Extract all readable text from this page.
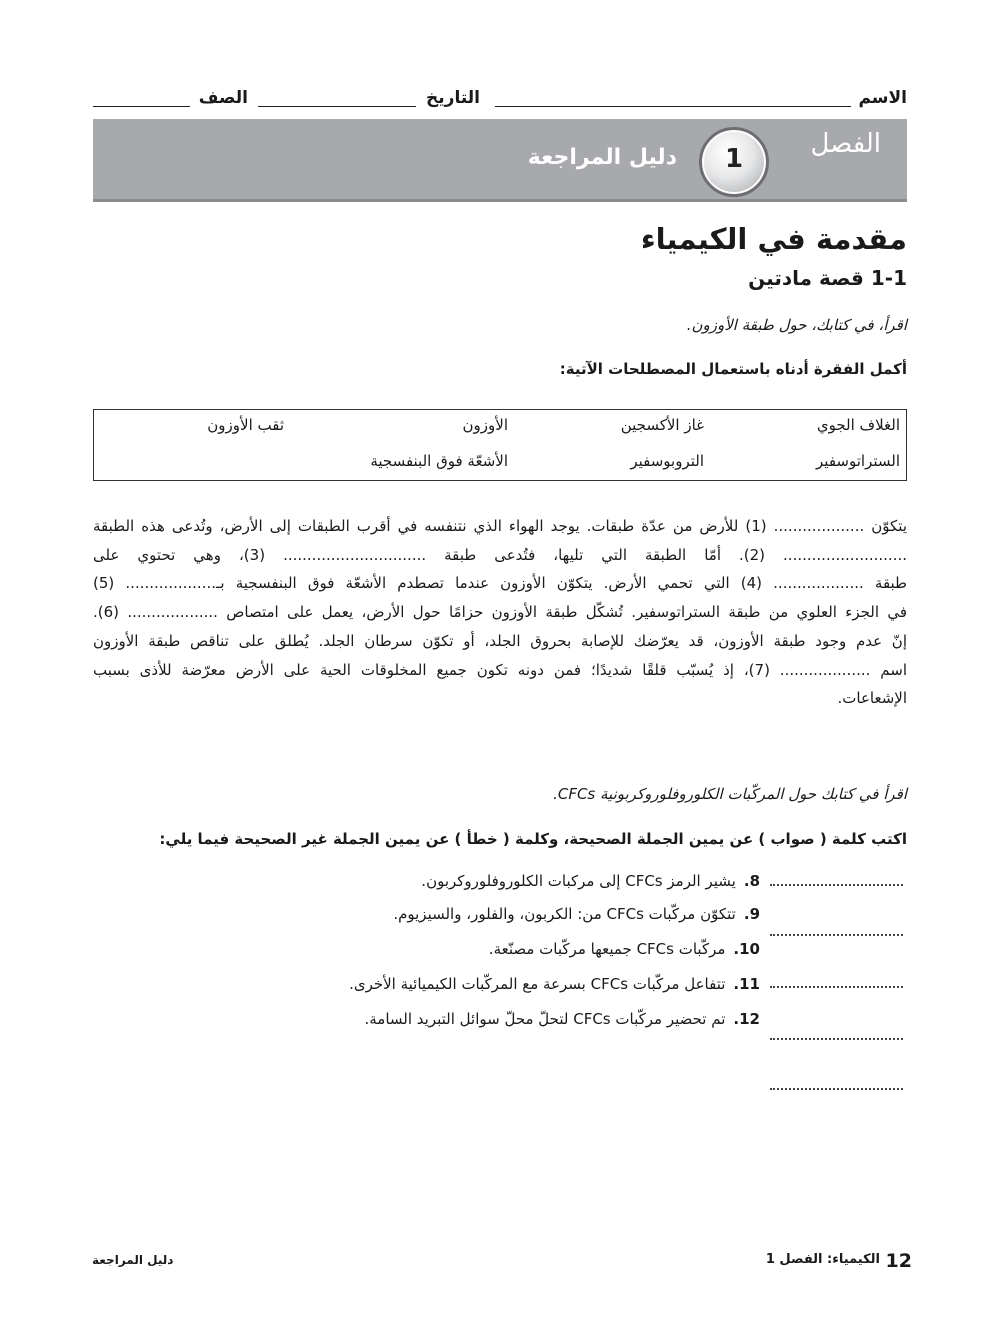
الاسم
التاريخ
الصف
الفصل
1
دليل المراجعة
مقدمة في الكيمياء
1-1 قصة مادتين
اقرأ، في كتابك، حول طبقة الأوزون.
أكمل الفقرة أدناه باستعمال المصطلحات الآتية:
الغلاف الجوي
غاز الأكسجين
الأوزون
ثقب الأوزون
الستراتوسفير
التروبوسفير
الأشعّة فوق البنفسجية
يتكوّن ................... (1) للأرض من عدّة طبقات. يوجد الهواء الذي نتنفسه في أقرب الطبقات إلى الأرض، وتُدعى هذه الطبقة
.......................... (2). أمّا الطبقة التي تليها، فتُدعى طبقة .............................. (3)، وهي تحتوي على
طبقة ................... (4) التي تحمي الأرض. يتكوّن الأوزون عندما تصطدم الأشعّة فوق البنفسجية بـ................... (5)
في الجزء العلوي من طبقة الستراتوسفير. تُشكّل طبقة الأوزون حزامًا حول الأرض، يعمل على امتصاص ................... (6).
إنّ عدم وجود طبقة الأوزون، قد يعرّضك للإصابة بحروق الجلد، أو تكوّن سرطان الجلد. يُطلق على تناقص طبقة الأوزون
اسم ................... (7)، إذ يُسبّب قلقًا شديدًا؛ فمن دونه تكون جميع المخلوقات الحية على الأرض معرّضة للأذى بسبب
الإشعاعات.
اقرأ في كتابك حول المركّبات الكلوروفلوروكربونية CFCs.
اكتب كلمة ( صواب ) عن يمين الجملة الصحيحة، وكلمة ( خطأ ) عن يمين الجملة غير الصحيحة فيما يلي:
8.يشير الرمز CFCs إلى مركبات الكلوروفلوروكربون.
9.تتكوّن مركّبات CFCs من: الكربون، والفلور، والسيزيوم.
10.مركّبات CFCs جميعها مركّبات مصنّعة.
11.تتفاعل مركّبات CFCs بسرعة مع المركّبات الكيميائية الأخرى.
12.تم تحضير مركّبات CFCs لتحلّ محلّ سوائل التبريد السامة.
12
الكيمياء: الفصل 1
دليل المراجعة
